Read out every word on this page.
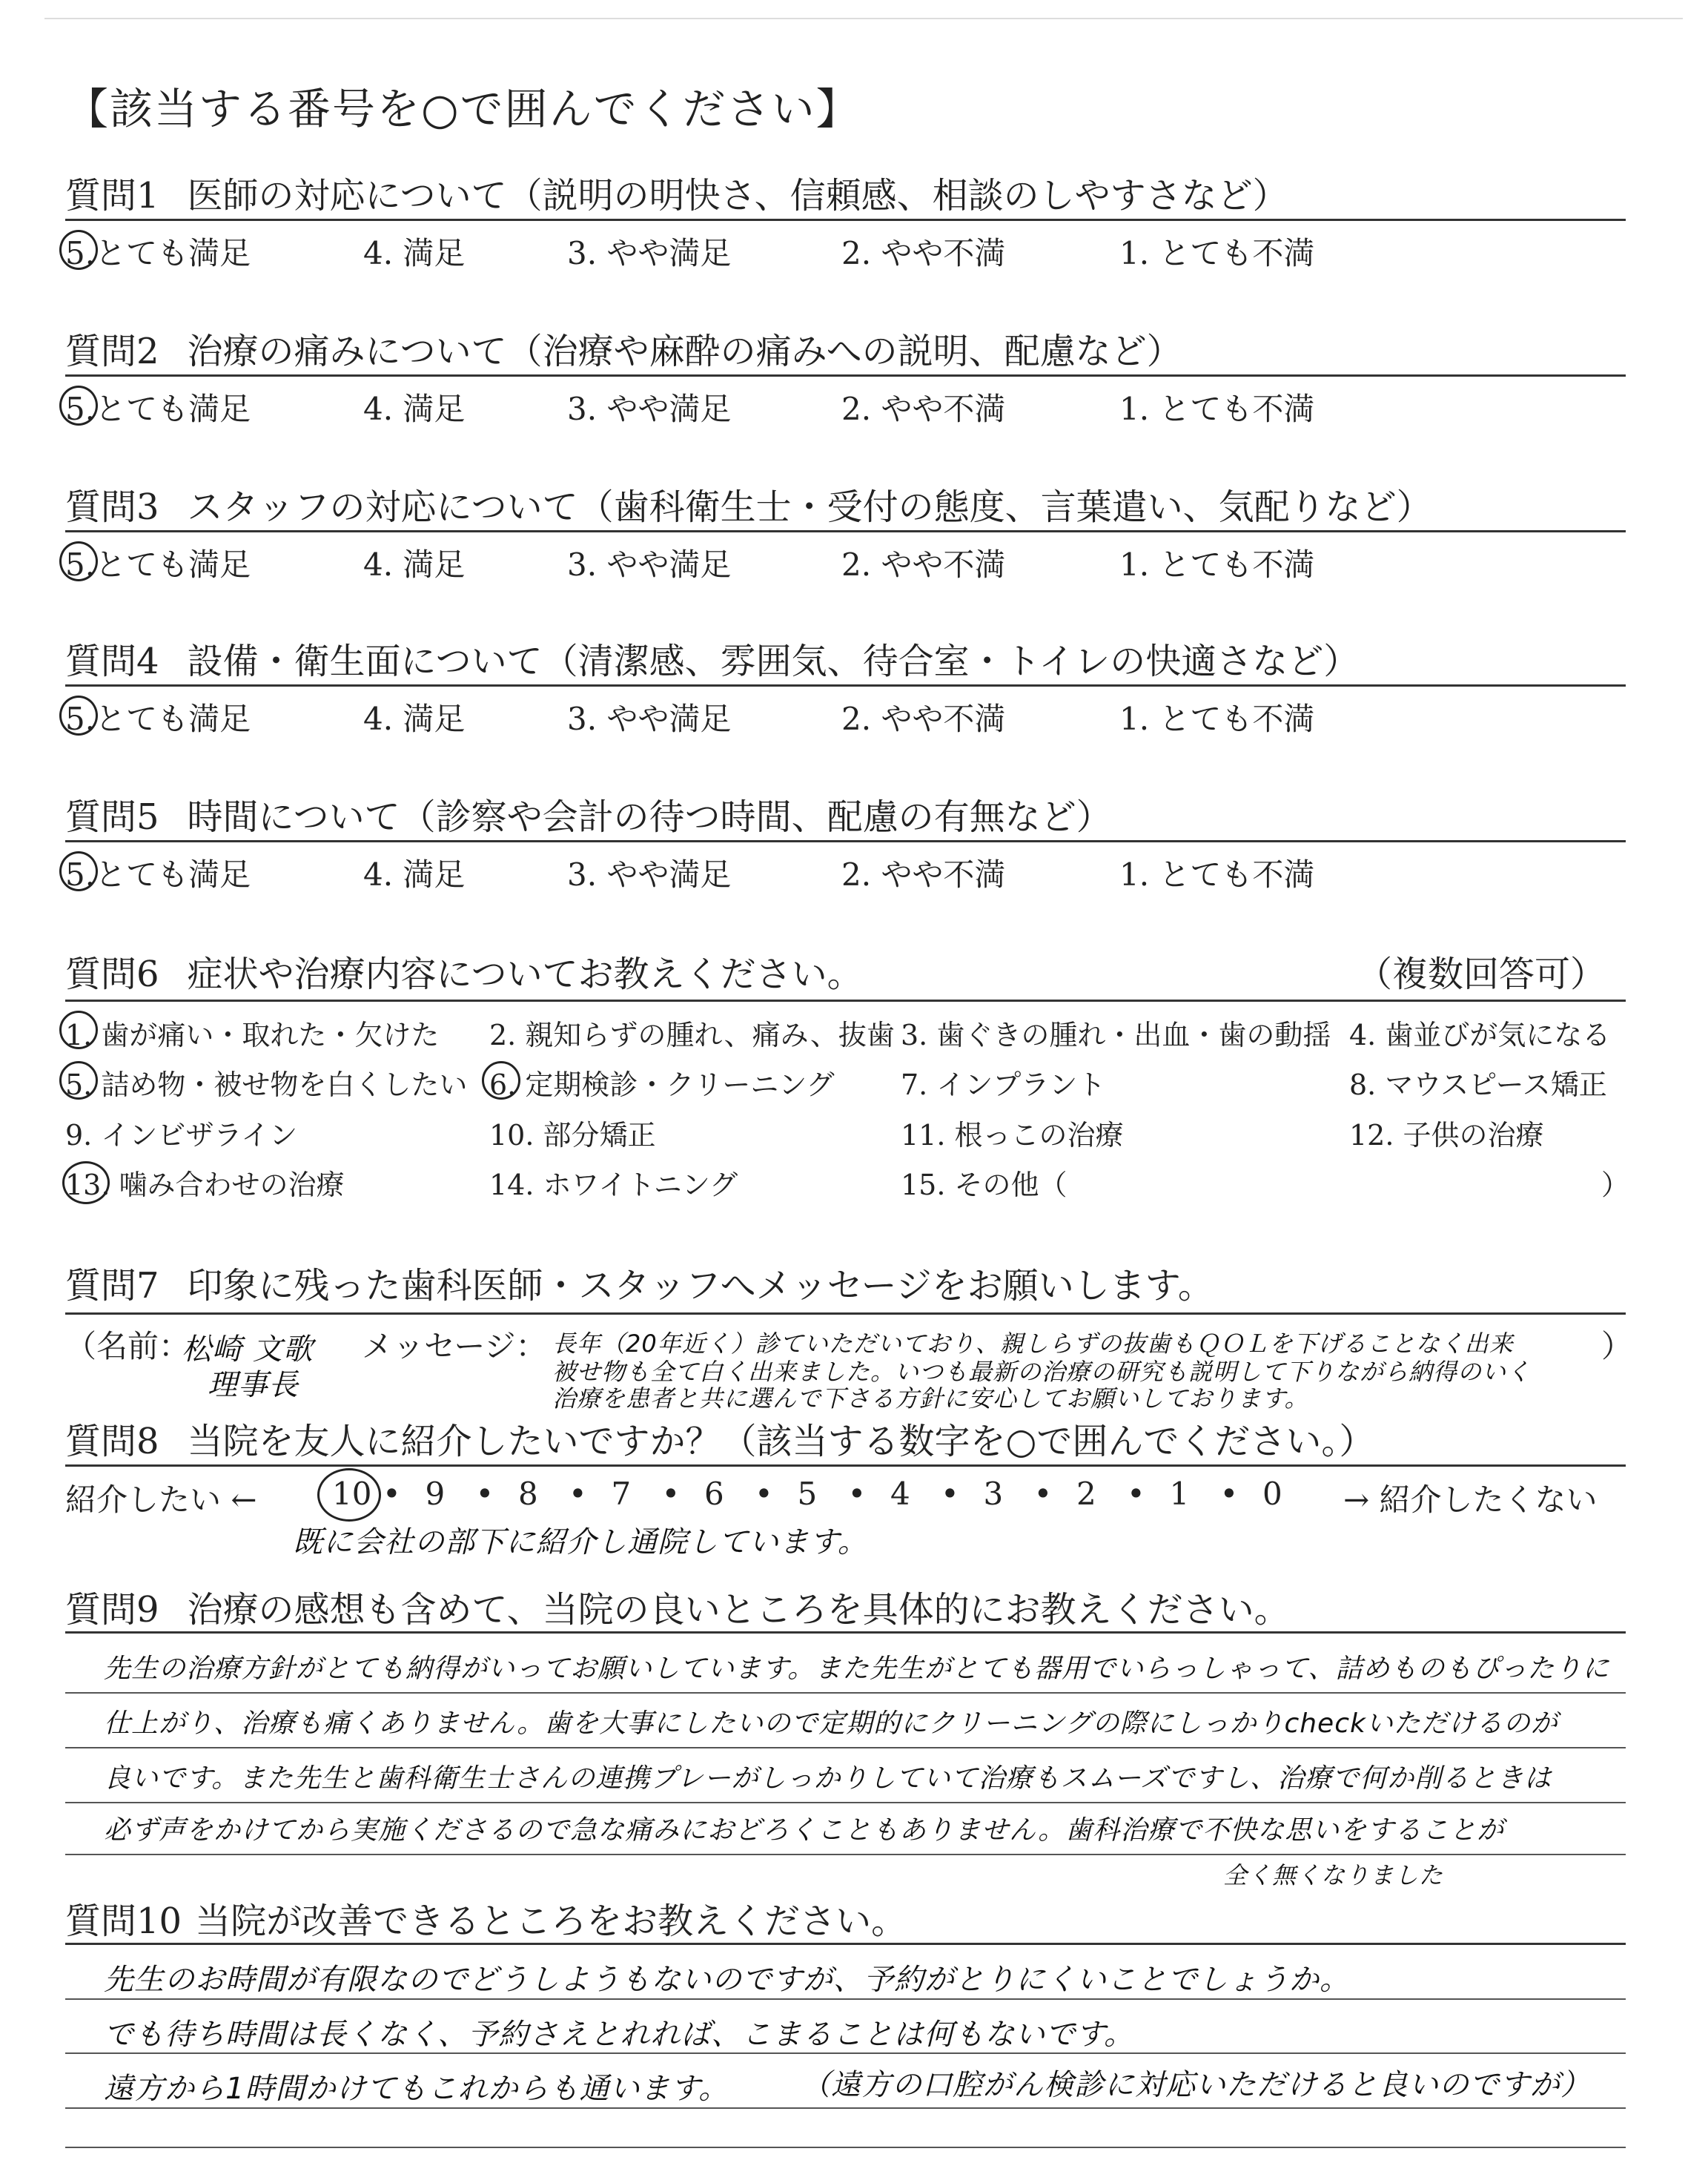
【該当する番号を○で囲んでください】
質問1 医師の対応について（説明の明快さ、信頼感、相談のしやすさなど）
5.とても満足	4. 満足	3. やや満足	2. やや不満	1. とても不満
質問2 治療の痛みについて（治療や麻酔の痛みへの説明、配慮など）
5.とても満足	4. 満足	3. やや満足	2. やや不満	1. とても不満
質問3 スタッフの対応について（歯科衛生士・受付の態度、言葉遣い、気配りなど）
5.とても満足	4. 満足	3. やや満足	2. やや不満	1. とても不満
質問4 設備・衛生面について（清潔感、雰囲気、待合室・トイレの快適さなど）
5.とても満足	4. 満足	3. やや満足	2. やや不満	1. とても不満
質問5 時間について（診察や会計の待つ時間、配慮の有無など）
5.とても満足	4. 満足	3. やや満足	2. やや不満	1. とても不満
質問6 症状や治療内容についてお教えください。	（複数回答可）
1. 歯が痛い・取れた・欠けた 2. 親知らずの腫れ、痛み、抜歯 3. 歯ぐきの腫れ・出血・歯の動揺 4. 歯並びが気になる
5. 詰め物・被せ物を白くしたい 6. 定期検診・クリーニング 7. インプラント	8. マウスピース矯正
9. インビザライン	10. 部分矯正	11. 根っこの治療	12. 子供の治療
13. 噛み合わせの治療	14. ホワイトニング	15. その他（	）
質問7 印象に残った歯科医師・スタッフへメッセージをお願いします。
（名前：
松崎 文歌
理事長
メッセージ： 長年（20年近く）診ていただいており、親しらずの抜歯もＱＯＬを下げることなく出来
被せ物も全て白く出来ました。いつも最新の治療の研究も説明して下りながら納得のいく
治療を患者と共に選んで下さる方針に安心してお願いしております。
）
質問8 当院を友人に紹介したいですか？（該当する数字を○で囲んでください。）
紹介したい ← 10 • 9 • 8 • 7 • 6 • 5 • 4 • 3 • 2 • 1 • 0 → 紹介したくない
既に会社の部下に紹介し通院しています。
質問9 治療の感想も含めて、当院の良いところを具体的にお教えください。
先生の治療方針がとても納得がいってお願いしています。また先生がとても器用でいらっしゃって、詰めものもぴったりに
仕上がり、治療も痛くありません。歯を大事にしたいので定期的にクリーニングの際にしっかりcheckいただけるのが
良いです。また先生と歯科衛生士さんの連携プレーがしっかりしていて治療もスムーズですし、治療で何か削るときは
必ず声をかけてから実施くださるので急な痛みにおどろくこともありません。歯科治療で不快な思いをすることが
全く無くなりました
質問10 当院が改善できるところをお教えください。
先生のお時間が有限なのでどうしようもないのですが、予約がとりにくいことでしょうか。
でも待ち時間は長くなく、予約さえとれれば、こまることは何もないです。
遠方から1時間かけてもこれからも通います。 （遠方の口腔がん検診に対応いただけると良いのですが）
